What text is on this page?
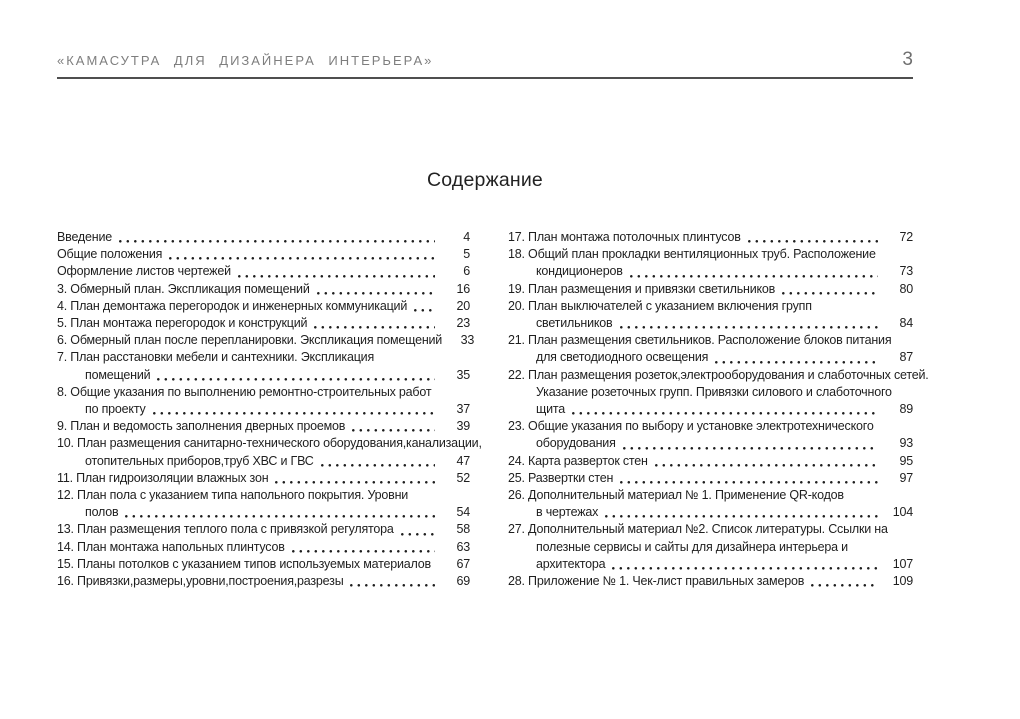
«КАМАСУТРА ДЛЯ ДИЗАЙНЕРА ИНТЕРЬЕРА»	3
Содержание
Введение	4
Общие положения	5
Оформление листов чертежей	6
3. Обмерный план. Экспликация помещений	16
4. План демонтажа перегородок и инженерных коммуникаций	20
5. План монтажа перегородок и конструкций	23
6. Обмерный план после перепланировки. Экспликация помещений	33
7. План расстановки мебели и сантехники. Экспликация
помещений	35
8. Общие указания по выполнению ремонтно-строительных работ
по проекту	37
9. План и ведомость заполнения дверных проемов	39
10. План размещения санитарно-технического оборудования,канализации,
отопительных приборов,труб ХВС и ГВС	47
11. План гидроизоляции влажных зон	52
12. План пола с указанием типа напольного покрытия. Уровни
полов	54
13. План размещения теплого пола с привязкой регулятора	58
14. План монтажа напольных плинтусов	63
15. Планы потолков с указанием типов используемых материалов	67
16. Привязки,размеры,уровни,построения,разрезы	69
17. План монтажа потолочных плинтусов	72
18. Общий план прокладки вентиляционных труб. Расположение
кондиционеров	73
19. План размещения и привязки светильников	80
20. План выключателей с указанием включения групп
светильников	84
21. План размещения светильников. Расположение блоков питания
для светодиодного освещения	87
22. План размещения розеток,электрооборудования и слаботочных сетей.
Указание розеточных групп. Привязки силового и слаботочного
щита	89
23. Общие указания по выбору и установке электротехнического
оборудования	93
24. Карта разверток стен	95
25. Развертки стен	97
26. Дополнительный материал № 1. Применение QR-кодов
в чертежах	104
27. Дополнительный материал №2. Список литературы. Ссылки на
полезные сервисы и сайты для дизайнера интерьера и
архитектора	107
28. Приложение № 1. Чек-лист правильных замеров	109
